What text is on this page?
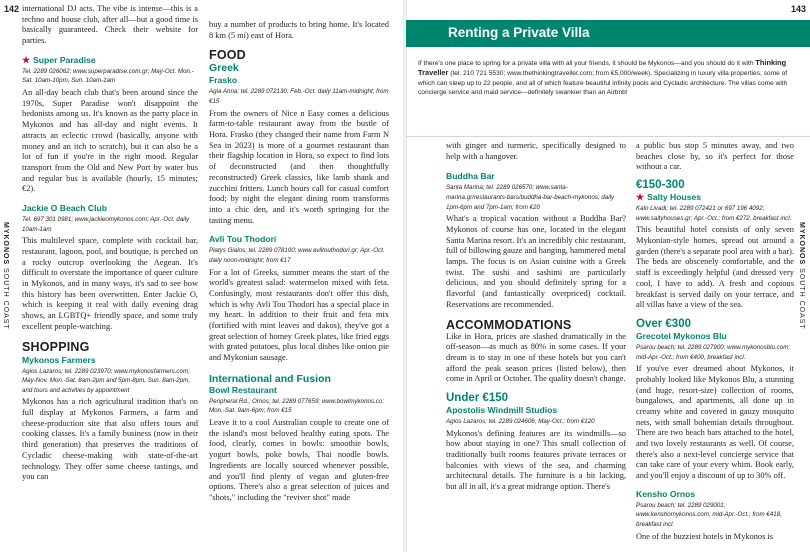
142
MYKONOS SOUTH COAST

international DJ acts. The vibe is intense—this is a techno and house club, after all—but a good time is basically guaranteed. Check their website for parties.

★ Super Paradise
Tel. 2289 026062; www.superparadise.com.gr; May-Oct. Mon.-Sat. 10am-10pm, Sun. 10am-1am

An all-day beach club that's been around since the 1970s, Super Paradise won't disappoint the hedonists among us. It's known as the party place in Mykonos and has all-day and night events. It attracts an eclectic crowd (basically, anyone with money and an itch to scratch), but it can also be a lot of fun if you're in the right mood. Regular transport from the Old and New Port by water bus and regular bus is available (hourly, 15 minutes; €2).

Jackie O Beach Club
Tel. 697 301 0981; www.jackieomykonos.com; Apr.-Oct. daily 10am-1am

This multilevel space, complete with cocktail bar, restaurant, lagoon, pool, and boutique, is perched on a rocky outcrop overlooking the Aegean. It's difficult to overstate the importance of queer culture in Mykonos, and in many ways, it's sad to see how this history has been overwritten. Enter Jackie O, which is keeping it real with daily evening drag shows, an LGBTQ+ friendly space, and some truly excellent people-watching.

SHOPPING
Mykonos Farmers
Agios Lazaros; tel. 2289 023970; www.mykonosfarmers.com; May-Nov. Mon.-Sat. 8am-2pm and 5pm-8pm, Sun. 8am-2pm, and tours and activities by appointment

Mykonos has a rich agricultural tradition that's on full display at Mykonos Farmers, a farm and cheese-production site that also offers tours and cooking classes. It's a family business (now in their third generation) that preserves the traditions of Cycladic cheese-making with state-of-the-art technology. They offer some cheese tastings, and you can

buy a number of products to bring home. It's located 8 km (5 mi) east of Hora.

FOOD
Greek
Frasko
Agia Anna; tel. 2289 072130; Feb.-Oct. daily 11am-midnight; from €15

From the owners of Nice n Easy comes a delicious farm-to-table restaurant away from the bustle of Hora. Frasko (they changed their name from Farm N Sea in 2023) is more of a gourmet restaurant than their flagship location in Hora, so expect to find lots of deconstructed (and then thoughtfully reconstructed) Greek classics, like lamb shank and zucchini fritters. Lunch hours call for casual comfort food; by night the elegant dining room transforms into a chic den, and it's worth springing for the tasting menu.

Avli Tou Thodori
Platys Gialos; tel. 2289 078100; www.avlitouthodori.gr; Apr.-Oct. daily noon-midnight; from €17

For a lot of Greeks, summer means the start of the world's greatest salad: watermelon mixed with feta. Confusingly, most restaurants don't offer this dish, which is why Avli Tou Thodori has a special place in my heart. In addition to their fruit and feta mix (fortified with mint leaves and dakos), they've got a great selection of homey Greek plates, like fried eggs with grated potatoes, plus local dishes like onion pie and Mykonian sausage.

International and Fusion
Bowl Restaurant
Peripheral Rd., Ornos; tel. 2289 077659; www.bowlmykonos.co; Mon.-Sat. 9am-6pm; from €15

Leave it to a cool Australian couple to create one of the island's most beloved healthy eating spots. The food, clearly, comes in bowls: smoothie bowls, yogurt bowls, poke bowls, Thai noodle bowls. Ingredients are locally sourced whenever possible, and you'll find plenty of vegan and gluten-free options. There's also a great selection of juices and "shots," including the "reviver shot" made

143
MYKONOS SOUTH COAST
Renting a Private Villa
If there's one place to spring for a private villa with all your friends, it should be Mykonos—and you should do it with Thinking Traveller (tel. 210 721 5530; www.thethinkingtraveller.com; from €5,000/week). Specializing in luxury villa properties, some of which can sleep up to 22 people, and all of which feature beautiful infinity pools and Cycladic architecture. The villas come with concierge service and maid service—definitely swankier than an Airbnb!

with ginger and turmeric, specifically designed to help with a hangover.

Buddha Bar
Santa Marina; tel. 2289 026570; www.santa-marina.gr/restaurants-bars/buddha-bar-beach-mykonos; daily 1pm-6pm and 7pm-1am; from €20

What's a tropical vacation without a Buddha Bar? Mykonos of course has one, located in the elegant Santa Marina resort. It's an incredibly chic restaurant, full of billowing gauze and hanging, hammered metal lamps. The focus is on Asian cuisine with a Greek twist. The sushi and sashimi are particularly delicious, and you should definitely spring for a flavorful (and fantastically overpriced) cocktail. Reservations are recommended.

ACCOMMODATIONS

Like in Hora, prices are slashed dramatically in the off-season—as much as 80% in some cases. If your dream is to stay in one of these hotels but you can't afford the peak season prices (listed below), then come in April or October. The quality doesn't change.

Under €150
Apostolis Windmill Studios
Agios Lazaros; tel. 2289 024606; May-Oct.; from €120

Mykonos's defining features are its windmills—so how about staying in one? This small collection of traditionally built rooms features private terraces or balconies with views of the sea, and charming architectural details. The furniture is a bit lacking, but all in all, it's a great midrange option. There's

a public bus stop 5 minutes away, and two beaches close by, so it's perfect for those without a car.

€150-300
★ Salty Houses
Kalo Livadi; tel. 2289 072421 or 697 196 4092; www.saltyhouses.gr; Apr.-Oct.; from €272, breakfast incl.

This beautiful hotel consists of only seven Mykonian-style homes, spread out around a garden (there's a separate pool area with a bar). The beds are obscenely comfortable, and the staff is exceedingly helpful (and dressed very cool, I have to add). A fresh and copious breakfast is served daily on your terrace, and all villas have a view of the sea.

Over €300
Grecotel Mykonos Blu
Psarou beach; tel. 2289 027900; www.mykonosblu.com; mid-Apr.-Oct.; from €400, breakfast incl.

If you've ever dreamed about Mykonos, it probably looked like Mykonos Blu, a stunning (and huge, resort-size) collection of rooms, bungalows, and apartments, all done up in creamy white and covered in gauzy mosquito nets, with small bohemian details throughout. There are two beach bars attached to the hotel, and two lovely restaurants as well. Of course, there's also a next-level concierge service that can take care of your every whim. Book early, and you'll enjoy a discount of up to 30% off.

Kensho Ornos
Psarou beach; tel. 2289 029001; www.kenshomykonos.com; mid-Apr.-Oct.; from €418, breakfast incl.

One of the buzziest hotels in Mykonos is
